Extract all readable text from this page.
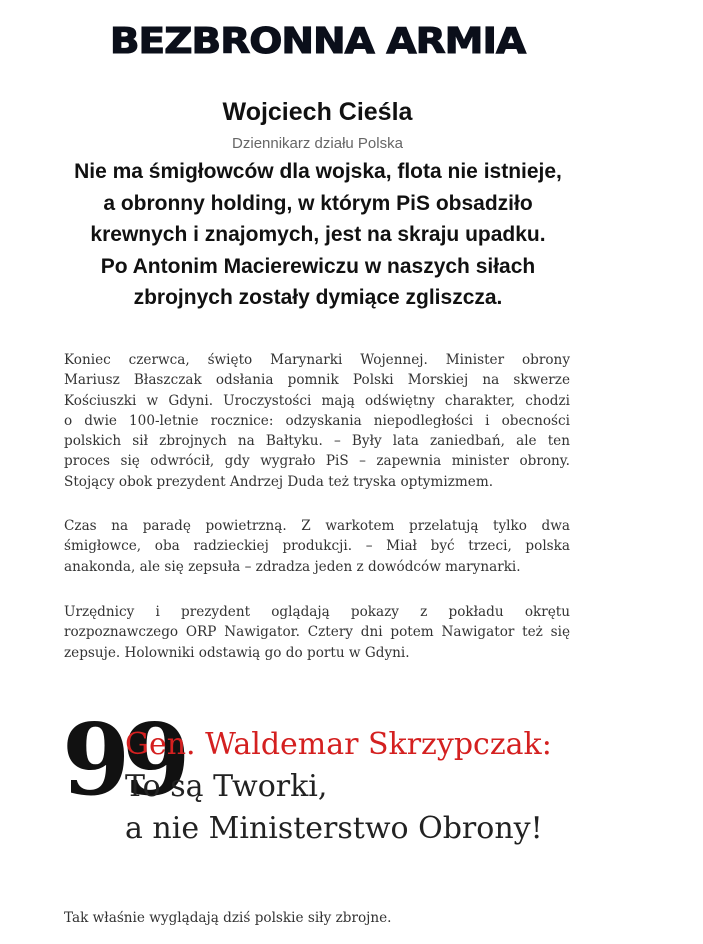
BEZBRONNA ARMIA
Wojciech Cieśla
Dziennikarz działu Polska
Nie ma śmigłowców dla wojska, flota nie istnieje,
a obronny holding, w którym PiS obsadziło
krewnych i znajomych, jest na skraju upadku.
Po Antonim Macierewiczu w naszych siłach
zbrojnych zostały dymiące zgliszcza.
Koniec czerwca, święto Marynarki Wojennej. Minister obrony
Mariusz Błaszczak odsłania pomnik Polski Morskiej na skwerze
Kościuszki w Gdyni. Uroczystości mają odświętny charakter, chodzi
o dwie 100-letnie rocznice: odzyskania niepodległości i obecności
polskich sił zbrojnych na Bałtyku. – Były lata zaniedbań, ale ten
proces się odwrócił, gdy wygrało PiS – zapewnia minister obrony.
Stojący obok prezydent Andrzej Duda też tryska optymizmem.
Czas na paradę powietrzną. Z warkotem przelatują tylko dwa
śmigłowce, oba radzieckiej produkcji. – Miał być trzeci, polska
anakonda, ale się zepsuła – zdradza jeden z dowódców marynarki.
Urzędnicy i prezydent oglądają pokazy z pokładu okrętu
rozpoznawczego ORP Nawigator. Cztery dni potem Nawigator też się
zepsuje. Holowniki odstawią go do portu w Gdyni.
99
Gen. Waldemar Skrzypczak:
To są Tworki,
a nie Ministerstwo Obrony!
Tak właśnie wyglądają dziś polskie siły zbrojne.
